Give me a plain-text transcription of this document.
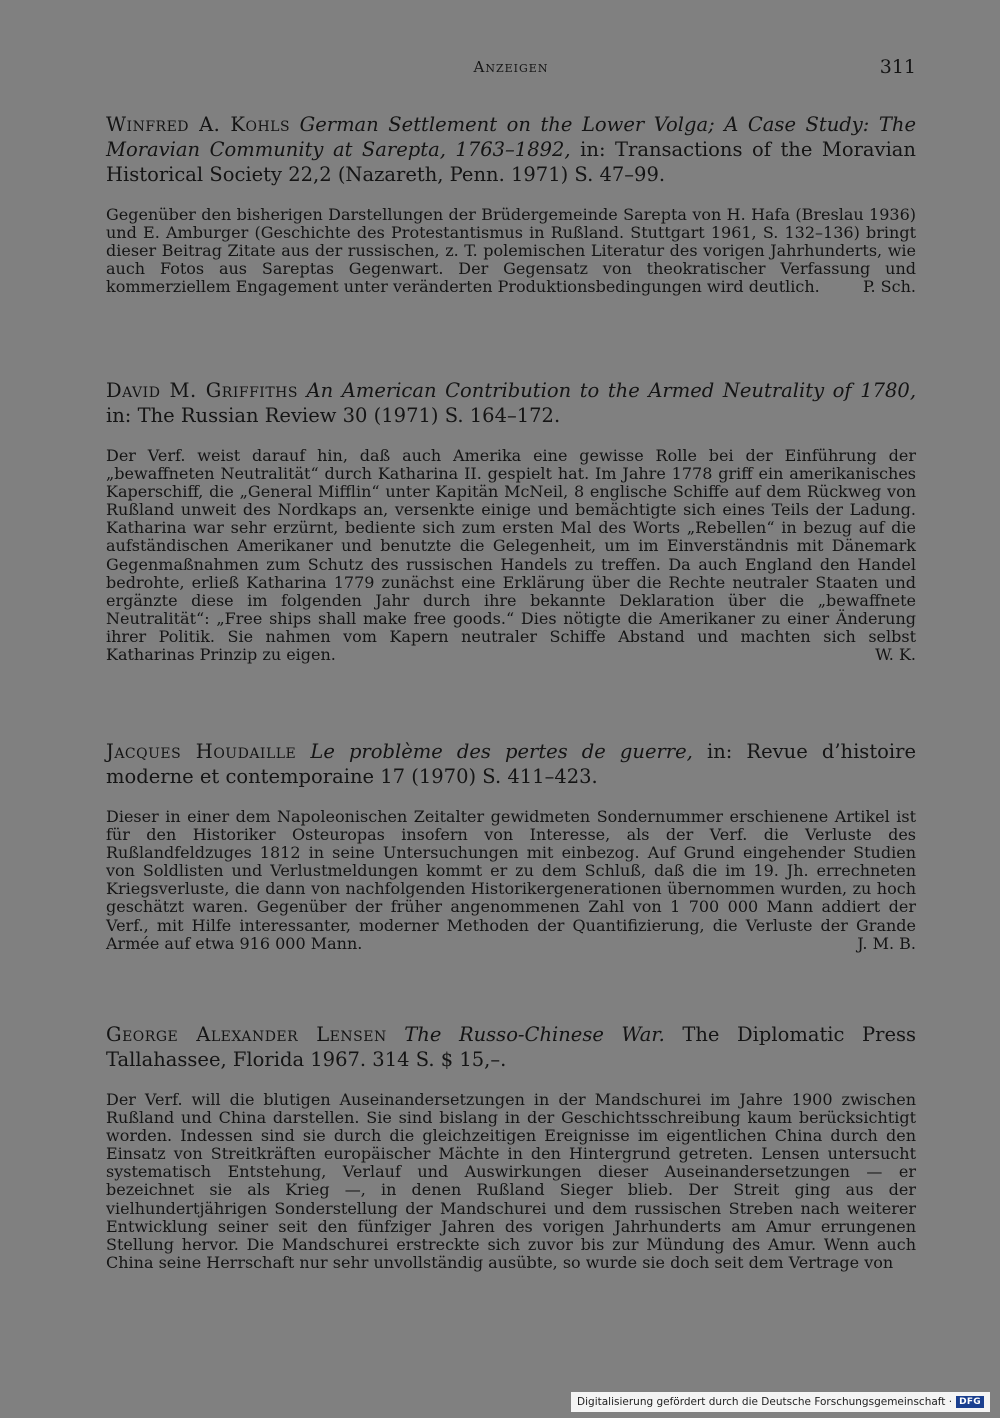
Anzeigen	311

Winfred A. Kohls German Settlement on the Lower Volga; A Case Study: The Moravian Community at Sarepta, 1763–1892, in: Transactions of the Moravian Historical Society 22,2 (Nazareth, Penn. 1971) S. 47–99.

Gegenüber den bisherigen Darstellungen der Brüdergemeinde Sarepta von H. Hafa (Breslau 1936) und E. Amburger (Geschichte des Protestantismus in Rußland. Stuttgart 1961, S. 132–136) bringt dieser Beitrag Zitate aus der russischen, z. T. polemischen Literatur des vorigen Jahrhunderts, wie auch Fotos aus Sareptas Gegenwart. Der Gegensatz von theokratischer Verfassung und kommerziellem Engagement unter veränderten Produktionsbedingungen wird deutlich.	P. Sch.

David M. Griffiths An American Contribution to the Armed Neutrality of 1780, in: The Russian Review 30 (1971) S. 164–172.

Der Verf. weist darauf hin, daß auch Amerika eine gewisse Rolle bei der Einführung der „bewaffneten Neutralität“ durch Katharina II. gespielt hat. Im Jahre 1778 griff ein amerikanisches Kaperschiff, die „General Mifflin“ unter Kapitän McNeil, 8 englische Schiffe auf dem Rückweg von Rußland unweit des Nordkaps an, versenkte einige und bemächtigte sich eines Teils der Ladung. Katharina war sehr erzürnt, bediente sich zum ersten Mal des Worts „Rebellen“ in bezug auf die aufständischen Amerikaner und benutzte die Gelegenheit, um im Einverständnis mit Dänemark Gegenmaßnahmen zum Schutz des russischen Handels zu treffen. Da auch England den Handel bedrohte, erließ Katharina 1779 zunächst eine Erklärung über die Rechte neutraler Staaten und ergänzte diese im folgenden Jahr durch ihre bekannte Deklaration über die „bewaffnete Neutralität“: „Free ships shall make free goods.“ Dies nötigte die Amerikaner zu einer Änderung ihrer Politik. Sie nahmen vom Kapern neutraler Schiffe Abstand und machten sich selbst Katharinas Prinzip zu eigen.	W. K.

Jacques Houdaille Le problème des pertes de guerre, in: Revue d’histoire moderne et contemporaine 17 (1970) S. 411–423.

Dieser in einer dem Napoleonischen Zeitalter gewidmeten Sondernummer erschienene Artikel ist für den Historiker Osteuropas insofern von Interesse, als der Verf. die Verluste des Rußlandfeldzuges 1812 in seine Untersuchungen mit einbezog. Auf Grund eingehender Studien von Soldlisten und Verlustmeldungen kommt er zu dem Schluß, daß die im 19. Jh. errechneten Kriegsverluste, die dann von nachfolgenden Historikergenerationen übernommen wurden, zu hoch geschätzt waren. Gegenüber der früher angenommenen Zahl von 1 700 000 Mann addiert der Verf., mit Hilfe interessanter, moderner Methoden der Quantifizierung, die Verluste der Grande Armée auf etwa 916 000 Mann.	J. M. B.

George Alexander Lensen The Russo-Chinese War. The Diplomatic Press Tallahassee, Florida 1967. 314 S. $ 15,–.

Der Verf. will die blutigen Auseinandersetzungen in der Mandschurei im Jahre 1900 zwischen Rußland und China darstellen. Sie sind bislang in der Geschichtsschreibung kaum berücksichtigt worden. Indessen sind sie durch die gleichzeitigen Ereignisse im eigentlichen China durch den Einsatz von Streitkräften europäischer Mächte in den Hintergrund getreten. Lensen untersucht systematisch Entstehung, Verlauf und Auswirkungen dieser Auseinandersetzungen — er bezeichnet sie als Krieg —, in denen Rußland Sieger blieb. Der Streit ging aus der vielhundertjährigen Sonderstellung der Mandschurei und dem russischen Streben nach weiterer Entwicklung seiner seit den fünfziger Jahren des vorigen Jahrhunderts am Amur errungenen Stellung hervor. Die Mandschurei erstreckte sich zuvor bis zur Mündung des Amur. Wenn auch China seine Herrschaft nur sehr unvollständig ausübte, so wurde sie doch seit dem Vertrage von
Digitalisierung gefördert durch die Deutsche Forschungsgemeinschaft · DFG
